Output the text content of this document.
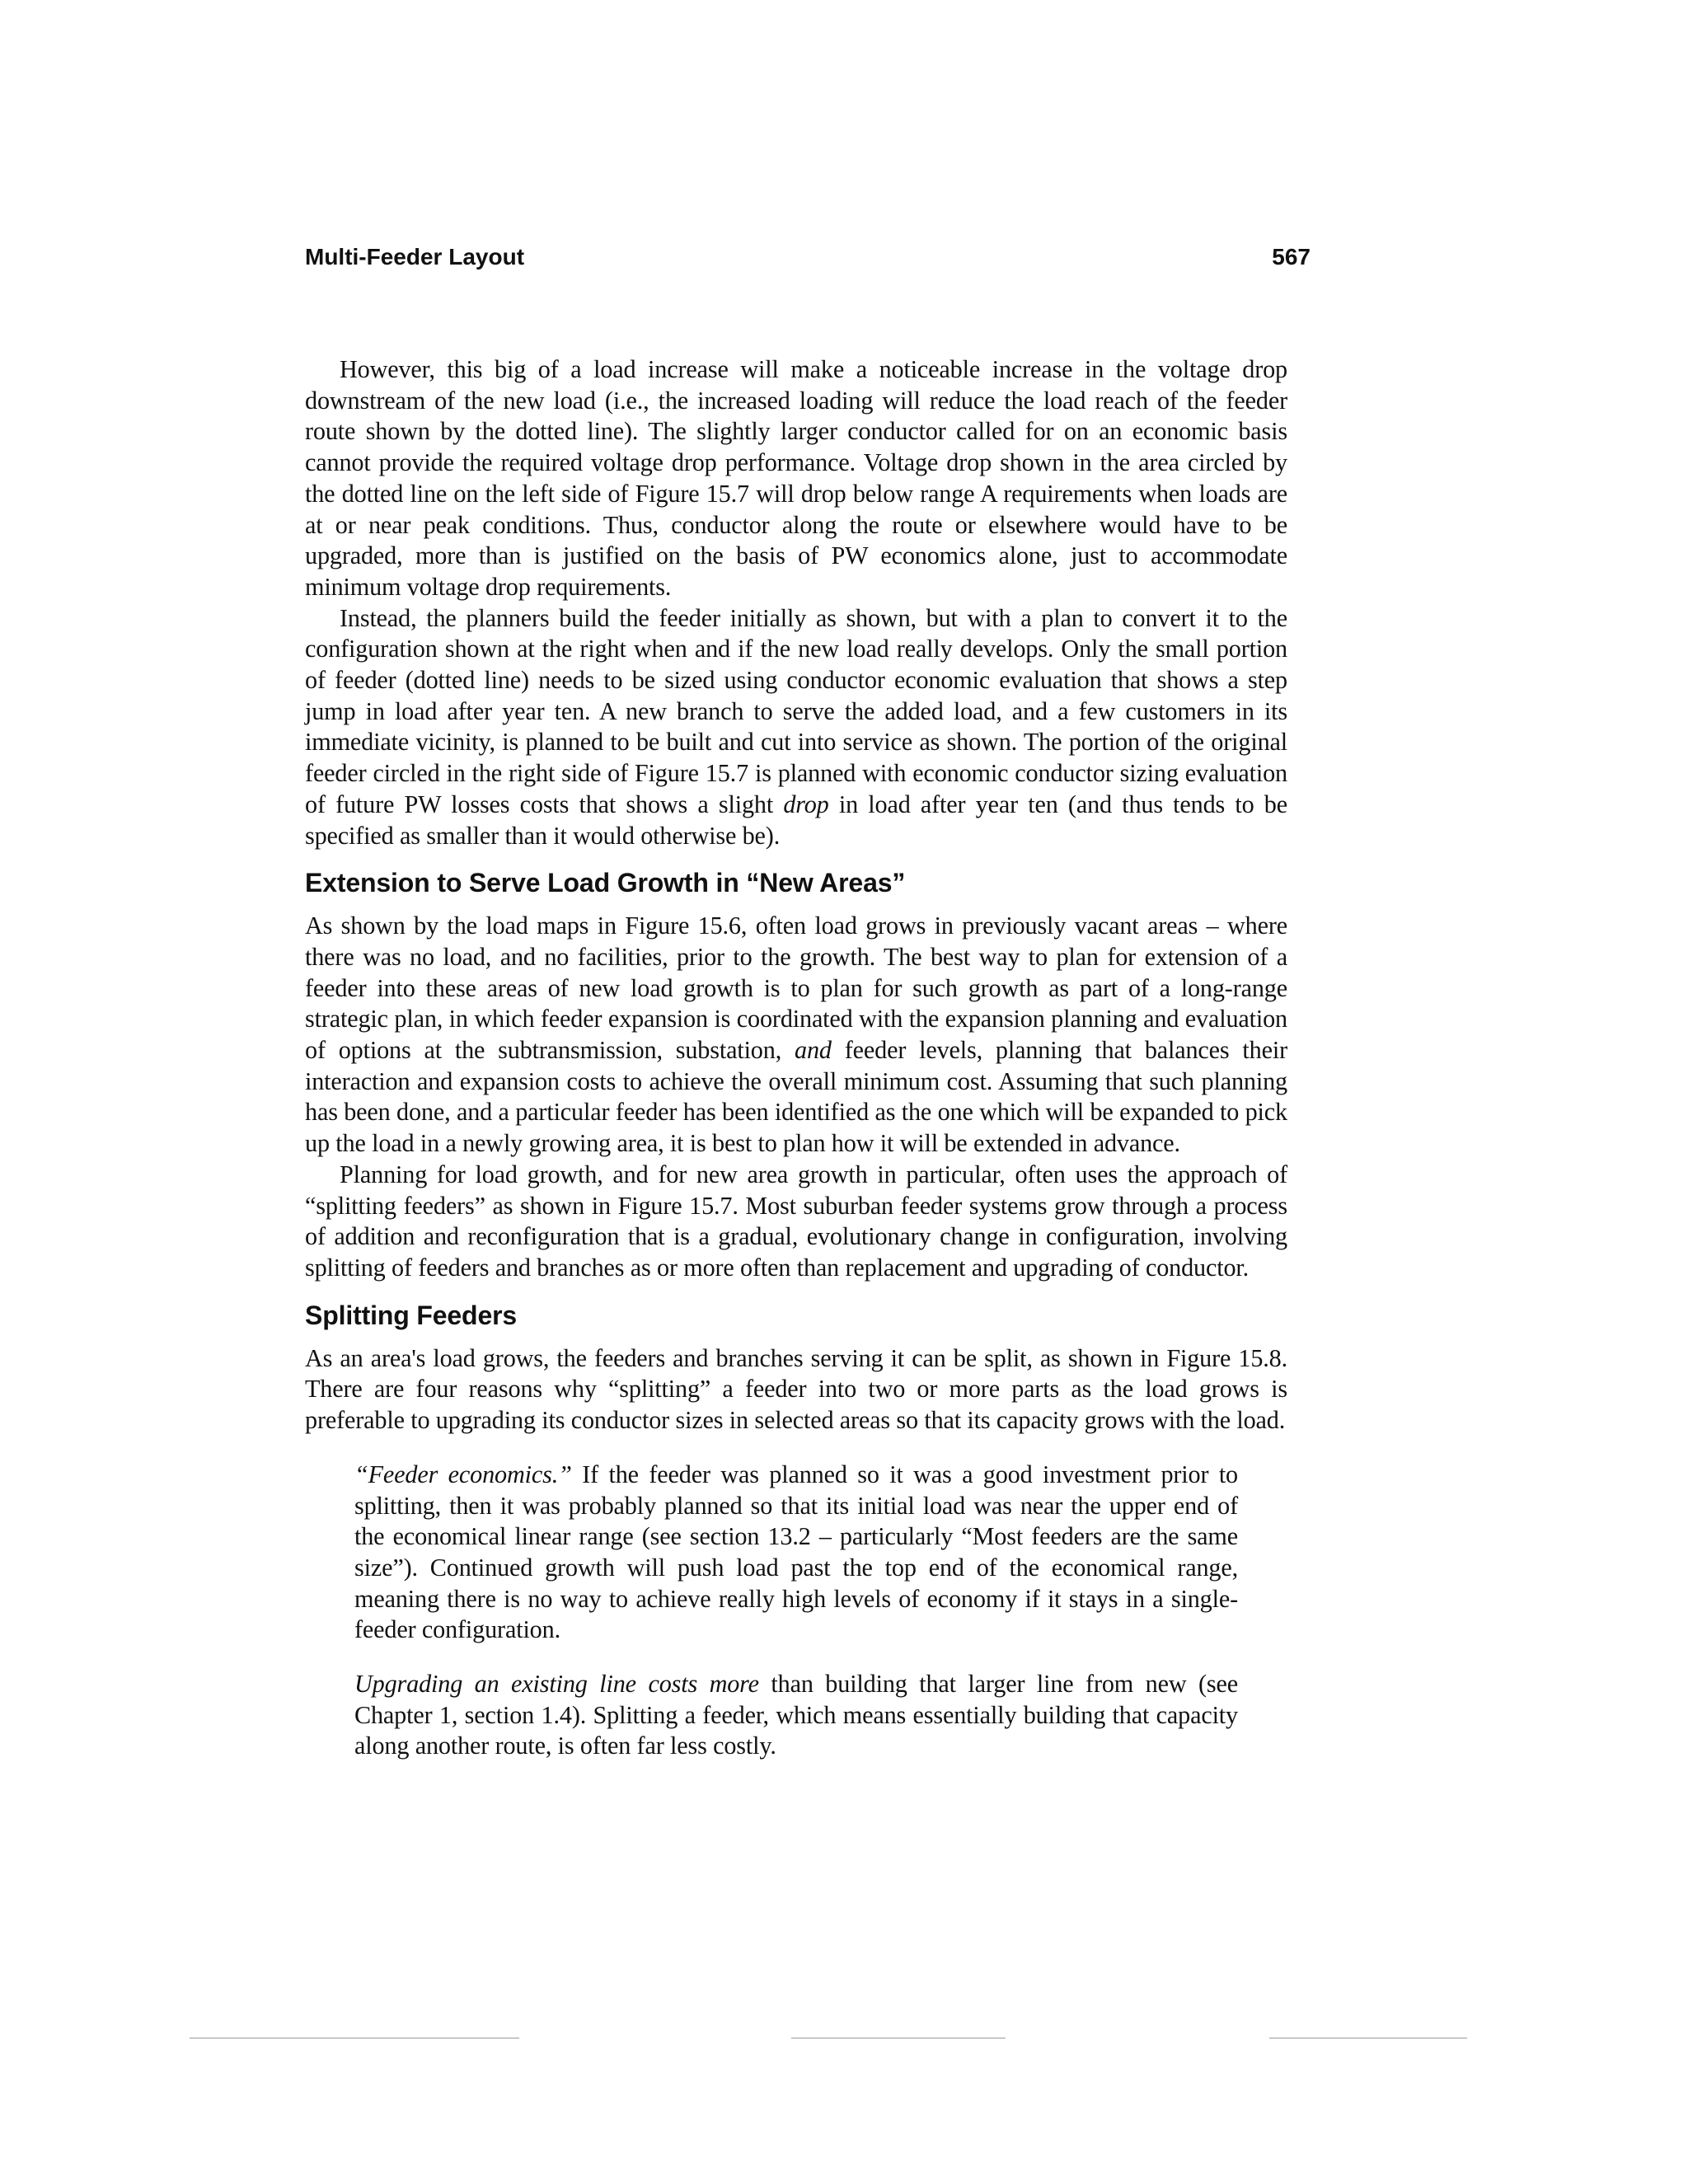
Multi-Feeder Layout	567

However, this big of a load increase will make a noticeable increase in the voltage drop downstream of the new load (i.e., the increased loading will reduce the load reach of the feeder route shown by the dotted line). The slightly larger conductor called for on an economic basis cannot provide the required voltage drop performance. Voltage drop shown in the area circled by the dotted line on the left side of Figure 15.7 will drop below range A requirements when loads are at or near peak conditions. Thus, conductor along the route or elsewhere would have to be upgraded, more than is justified on the basis of PW economics alone, just to accommodate minimum voltage drop requirements.

Instead, the planners build the feeder initially as shown, but with a plan to convert it to the configuration shown at the right when and if the new load really develops. Only the small portion of feeder (dotted line) needs to be sized using conductor economic evaluation that shows a step jump in load after year ten. A new branch to serve the added load, and a few customers in its immediate vicinity, is planned to be built and cut into service as shown. The portion of the original feeder circled in the right side of Figure 15.7 is planned with economic conductor sizing evaluation of future PW losses costs that shows a slight drop in load after year ten (and thus tends to be specified as smaller than it would otherwise be).

Extension to Serve Load Growth in “New Areas”

As shown by the load maps in Figure 15.6, often load grows in previously vacant areas – where there was no load, and no facilities, prior to the growth. The best way to plan for extension of a feeder into these areas of new load growth is to plan for such growth as part of a long-range strategic plan, in which feeder expansion is coordinated with the expansion planning and evaluation of options at the subtransmission, substation, and feeder levels, planning that balances their interaction and expansion costs to achieve the overall minimum cost. Assuming that such planning has been done, and a particular feeder has been identified as the one which will be expanded to pick up the load in a newly growing area, it is best to plan how it will be extended in advance.

Planning for load growth, and for new area growth in particular, often uses the approach of “splitting feeders” as shown in Figure 15.7. Most suburban feeder systems grow through a process of addition and reconfiguration that is a gradual, evolutionary change in configuration, involving splitting of feeders and branches as or more often than replacement and upgrading of conductor.

Splitting Feeders

As an area's load grows, the feeders and branches serving it can be split, as shown in Figure 15.8. There are four reasons why “splitting” a feeder into two or more parts as the load grows is preferable to upgrading its conductor sizes in selected areas so that its capacity grows with the load.

“Feeder economics.” If the feeder was planned so it was a good investment prior to splitting, then it was probably planned so that its initial load was near the upper end of the economical linear range (see section 13.2 – particularly “Most feeders are the same size”). Continued growth will push load past the top end of the economical range, meaning there is no way to achieve really high levels of economy if it stays in a single-feeder configuration.

Upgrading an existing line costs more than building that larger line from new (see Chapter 1, section 1.4). Splitting a feeder, which means essentially building that capacity along another route, is often far less costly.
